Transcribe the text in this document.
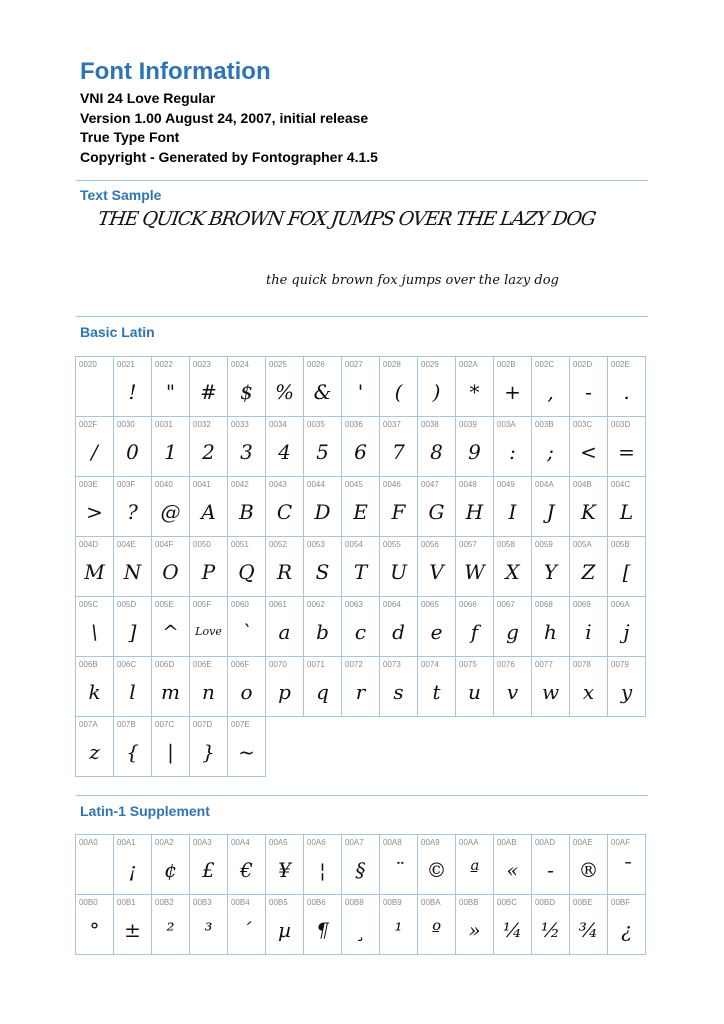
Font Information
VNI 24 Love Regular
Version 1.00 August 24, 2007, initial release
True Type Font
Copyright - Generated by Fontographer 4.1.5
Text Sample
THE QUICK BROWN FOX JUMPS OVER THE LAZY DOG
the quick brown fox jumps over the lazy dog
Basic Latin
0020	0021
!
0022
"
0023
#
0024
$
0025
%
0026
&
0027
'
0028
(
0029
)
002A
*
002B
+
002C
,
002D
-
002E
.
002F
/
0030
0
0031
1
0032
2
0033
3
0034
4
0035
5
0036
6
0037
7
0038
8
0039
9
003A
:
003B
;
003C
<
003D
=
003E
>
003F
?
0040
@
0041
A
0042
B
0043
C
0044
D
0045
E
0046
F
0047
G
0048
H
0049
I
004A
J
004B
K
004C
L
004D
M
004E
N
004F
O
0050
P
0051
Q
0052
R
0053
S
0054
T
0055
U
0056
V
0057
W
0058
X
0059
Y
005A
Z
005B
[
005C
\
005D
]
005E
^
005F
Love
0060
`
0061
a
0062
b
0063
c
0064
d
0065
e
0066
f
0067
g
0068
h
0069
i
006A
j
006B
k
006C
l
006D
m
006E
n
006F
o
0070
p
0071
q
0072
r
0073
s
0074
t
0075
u
0076
v
0077
w
0078
x
0079
y
007A
z
007B
{
007C
|
007D
}
007E
~
Latin-1 Supplement
00A0 00A1
¡
00A2
¢
00A3
£
00A4
€
00A5
¥
00A6
¦
00A7
§
00A8
¨
00A9
©
00AA
ª
00AB
«
00AD
-
00AE
®
00AF
¯
00B0
°
00B1
±
00B2
²
00B3
³
00B4
´
00B5
µ
00B6
¶
00B8
¸
00B9
¹
00BA
º
00BB
»
00BC
¼
00BD
½
00BE
¾
00BF
¿
